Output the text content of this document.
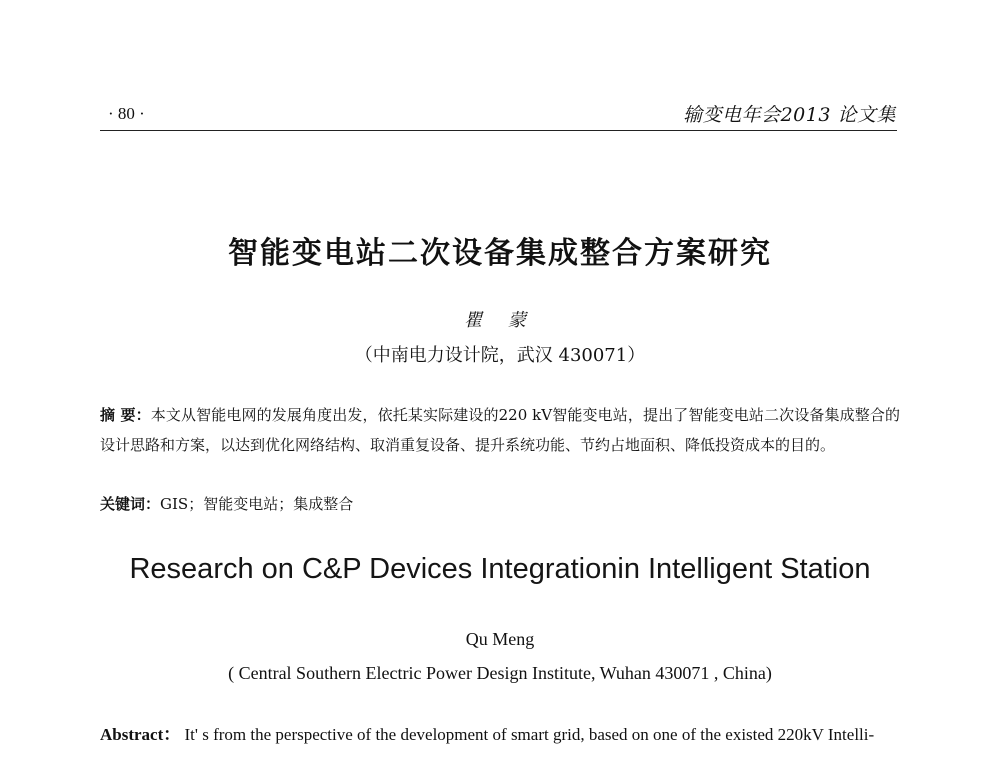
· 80 ·	输变电年会2013 论文集
智能变电站二次设备集成整合方案研究
瞿 蒙
（中南电力设计院，武汉 430071）
摘 要：本文从智能电网的发展角度出发，依托某实际建设的220 kV智能变电站，提出了智能变电站二次设备集成整合的设计思路和方案，以达到优化网络结构、取消重复设备、提升系统功能、节约占地面积、降低投资成本的目的。
关键词：GIS；智能变电站；集成整合
Research on C&P Devices Integrationin Intelligent Station
Qu Meng
( Central Southern Electric Power Design Institute, Wuhan 430071 , China)
Abstract： It' s from the perspective of the development of smart grid, based on one of the existed 220kV Intelli-
